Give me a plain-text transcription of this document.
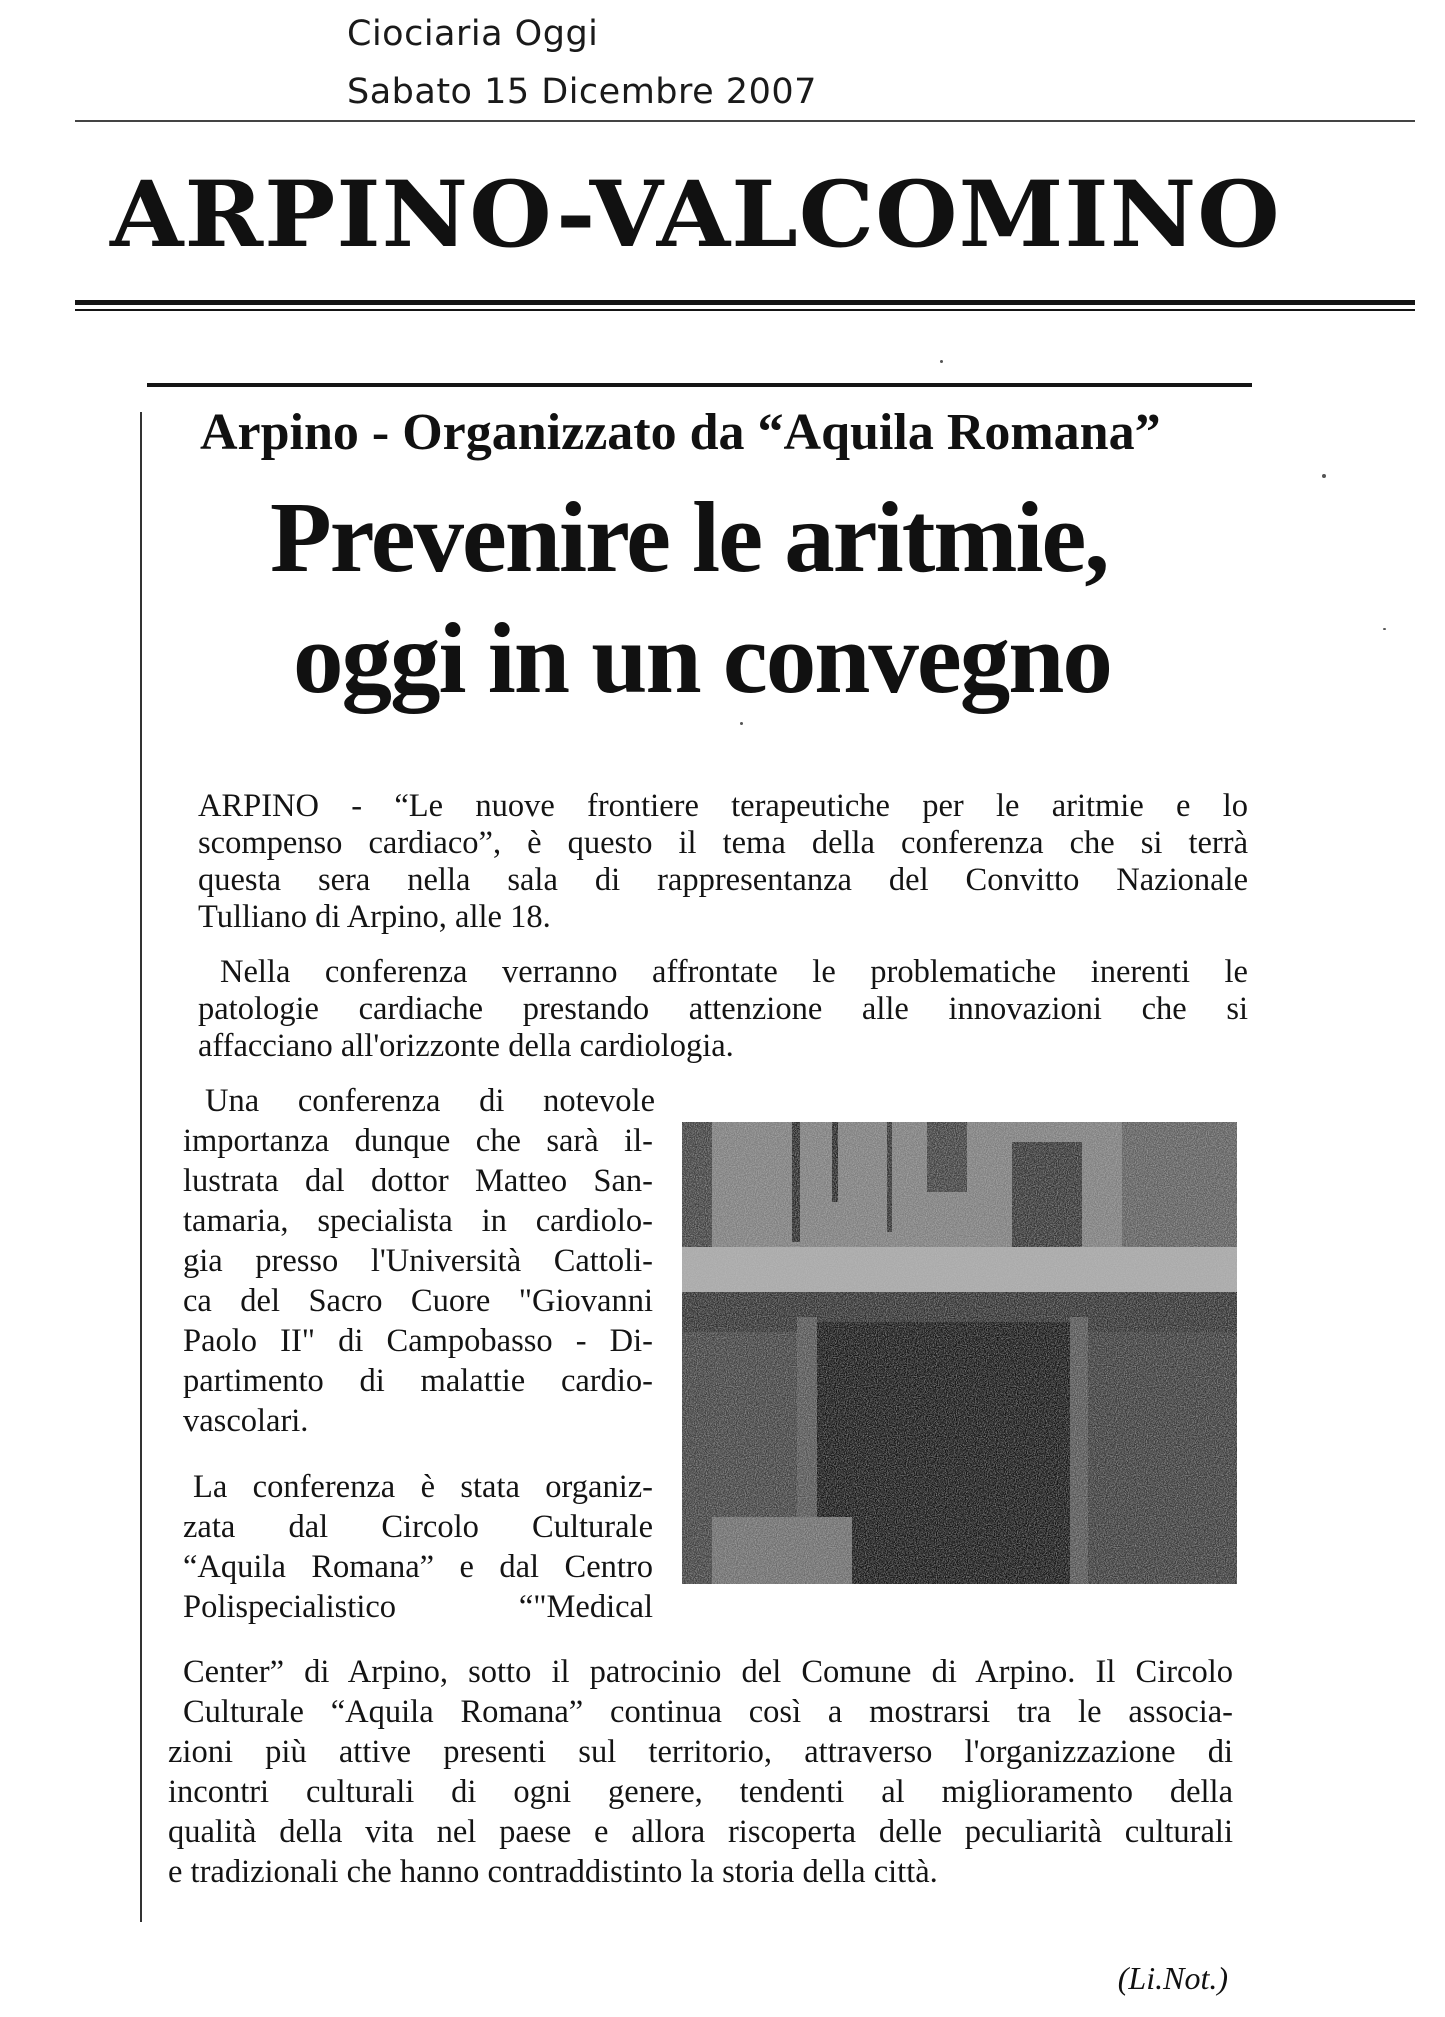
Ciociaria Oggi
Sabato 15 Dicembre 2007
ARPINO-VALCOMINO
Arpino - Organizzato da “Aquila Romana”
Prevenire le aritmie,
oggi in un convegno

ARPINO - “Le nuove frontiere terapeutiche per le aritmie e lo

scompenso cardiaco”, è questo il tema della conferenza che si terrà

questa sera nella sala di rappresentanza del Convitto Nazionale

Tulliano di Arpino, alle 18.

Nella conferenza verranno affrontate le problematiche inerenti le

patologie cardiache prestando attenzione alle innovazioni che si

affacciano all'orizzonte della cardiologia.

Una conferenza di notevole

importanza dunque che sarà il-

lustrata dal dottor Matteo San-

tamaria, specialista in cardiolo-

gia presso l'Università Cattoli-

ca del Sacro Cuore "Giovanni

Paolo II" di Campobasso - Di-

partimento di malattie cardio-

vascolari.

La conferenza è stata organiz-

zata dal Circolo Culturale

“Aquila Romana” e dal Centro

Polispecialistico “"Medical

Center” di Arpino, sotto il patrocinio del Comune di Arpino. Il Circolo

Culturale “Aquila Romana” continua così a mostrarsi tra le associa-

zioni più attive presenti sul territorio, attraverso l'organizzazione di

incontri culturali di ogni genere, tendenti al miglioramento della

qualità della vita nel paese e allora riscoperta delle peculiarità culturali

e tradizionali che hanno contraddistinto la storia della città.

(Li.Not.)
